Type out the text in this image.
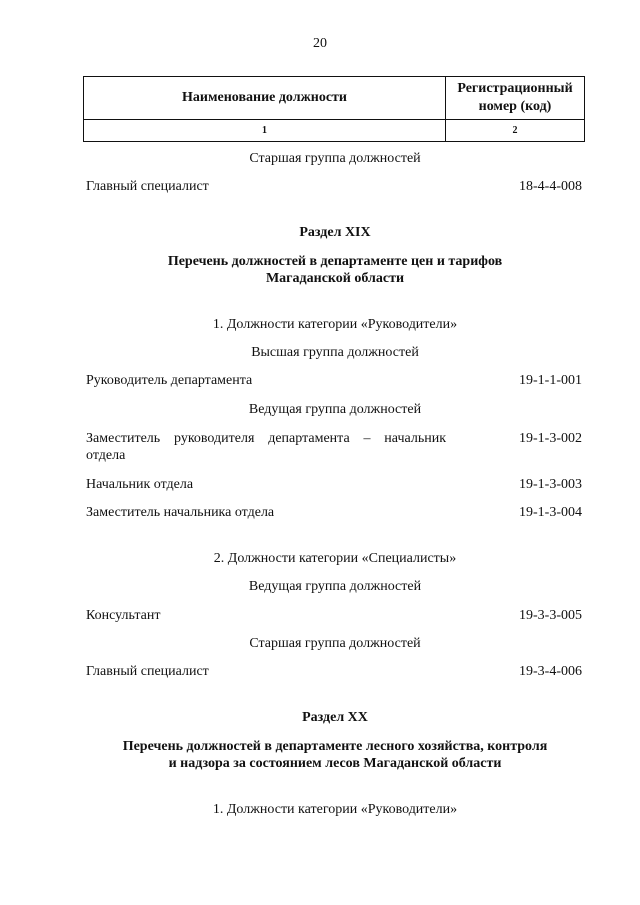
20
Наименование должности	Регистрационный
номер (код)
1	2
Старшая группа должностей
Главный специалист	18-4-4-008
Раздел XIX
Перечень должностей в департаменте цен и тарифов
Магаданской области
1. Должности категории «Руководители»
Высшая группа должностей
Руководитель департамента	19-1-1-001
Ведущая группа должностей
Заместитель руководителя департамента – начальник	19-1-3-002
отдела
Начальник отдела	19-1-3-003
Заместитель начальника отдела	19-1-3-004
2. Должности категории «Специалисты»
Ведущая группа должностей
Консультант	19-3-3-005
Старшая группа должностей
Главный специалист	19-3-4-006
Раздел XX
Перечень должностей в департаменте лесного хозяйства, контроля
и надзора за состоянием лесов Магаданской области
1. Должности категории «Руководители»
